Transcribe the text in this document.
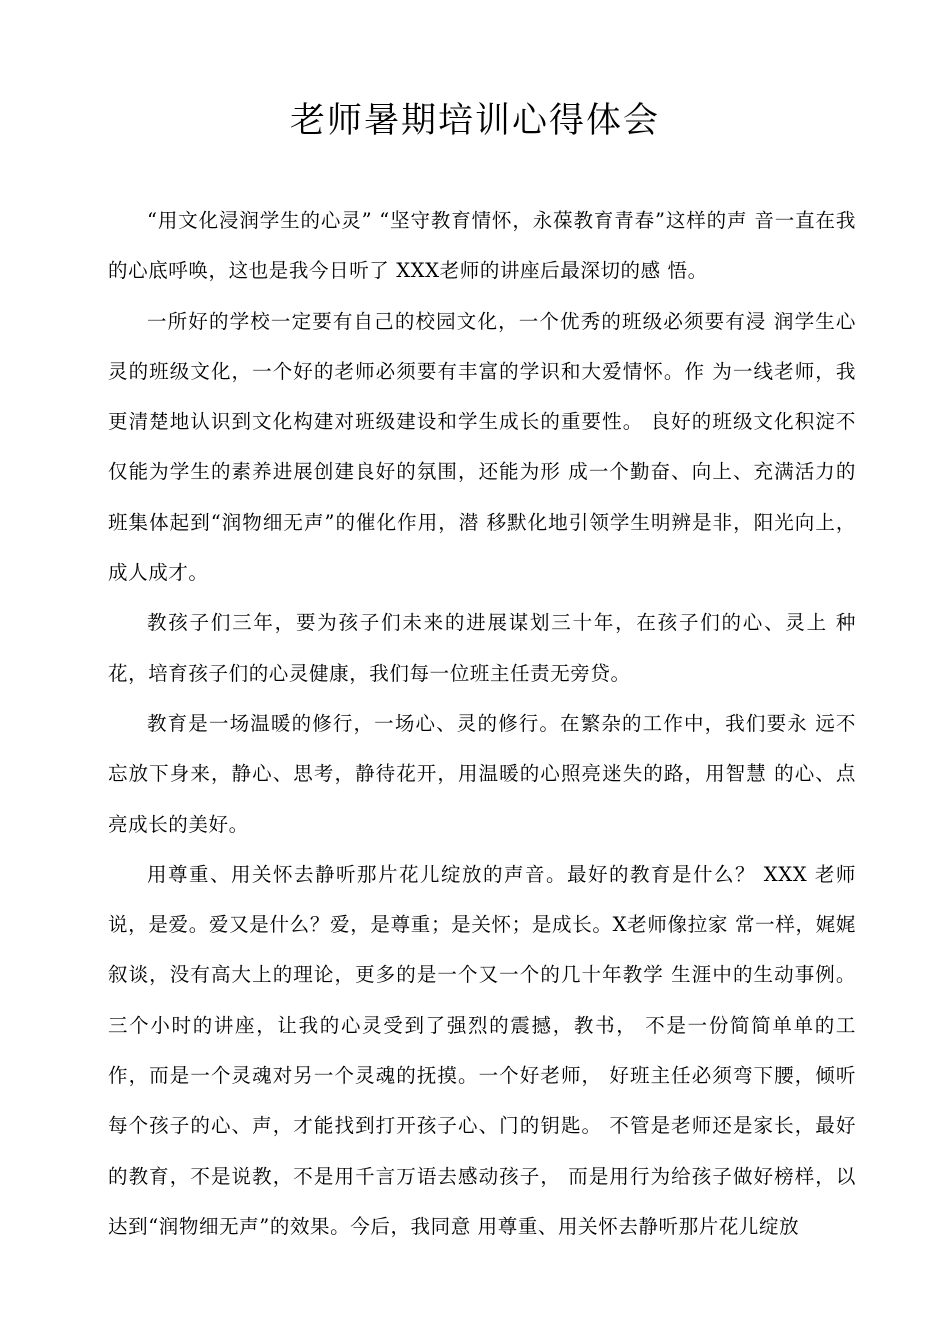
老师暑期培训心得体会

“用文化浸润学生的心灵” “坚守教育情怀，永葆教育青春”这样的声 音一直在我的心底呼唤，这也是我今日听了 XXX老师的讲座后最深切的感 悟。

一所好的学校一定要有自己的校园文化，一个优秀的班级必须要有浸 润学生心灵的班级文化，一个好的老师必须要有丰富的学识和大爱情怀。作 为一线老师，我更清楚地认识到文化构建对班级建设和学生成长的重要性。 良好的班级文化积淀不仅能为学生的素养进展创建良好的氛围，还能为形 成一个勤奋、向上、充满活力的班集体起到“润物细无声”的催化作用，潜 移默化地引领学生明辨是非，阳光向上，成人成才。

教孩子们三年，要为孩子们未来的进展谋划三十年，在孩子们的心、灵上 种花，培育孩子们的心灵健康，我们每一位班主任责无旁贷。

教育是一场温暖的修行，一场心、灵的修行。在繁杂的工作中，我们要永 远不忘放下身来，静心、思考，静待花开，用温暖的心照亮迷失的路，用智慧 的心、点亮成长的美好。

用尊重、用关怀去静听那片花儿绽放的声音。最好的教育是什么？ XXX 老师说，是爱。爱又是什么？爱，是尊重；是关怀；是成长。X老师像拉家 常一样，娓娓叙谈，没有高大上的理论，更多的是一个又一个的几十年教学 生涯中的生动事例。三个小时的讲座，让我的心灵受到了强烈的震撼，教书， 不是一份简简单单的工作，而是一个灵魂对另一个灵魂的抚摸。一个好老师， 好班主任必须弯下腰，倾听每个孩子的心、声，才能找到打开孩子心、门的钥匙。 不管是老师还是家长，最好的教育，不是说教，不是用千言万语去感动孩子， 而是用行为给孩子做好榜样，以达到“润物细无声”的效果。今后，我同意 用尊重、用关怀去静听那片花儿绽放
